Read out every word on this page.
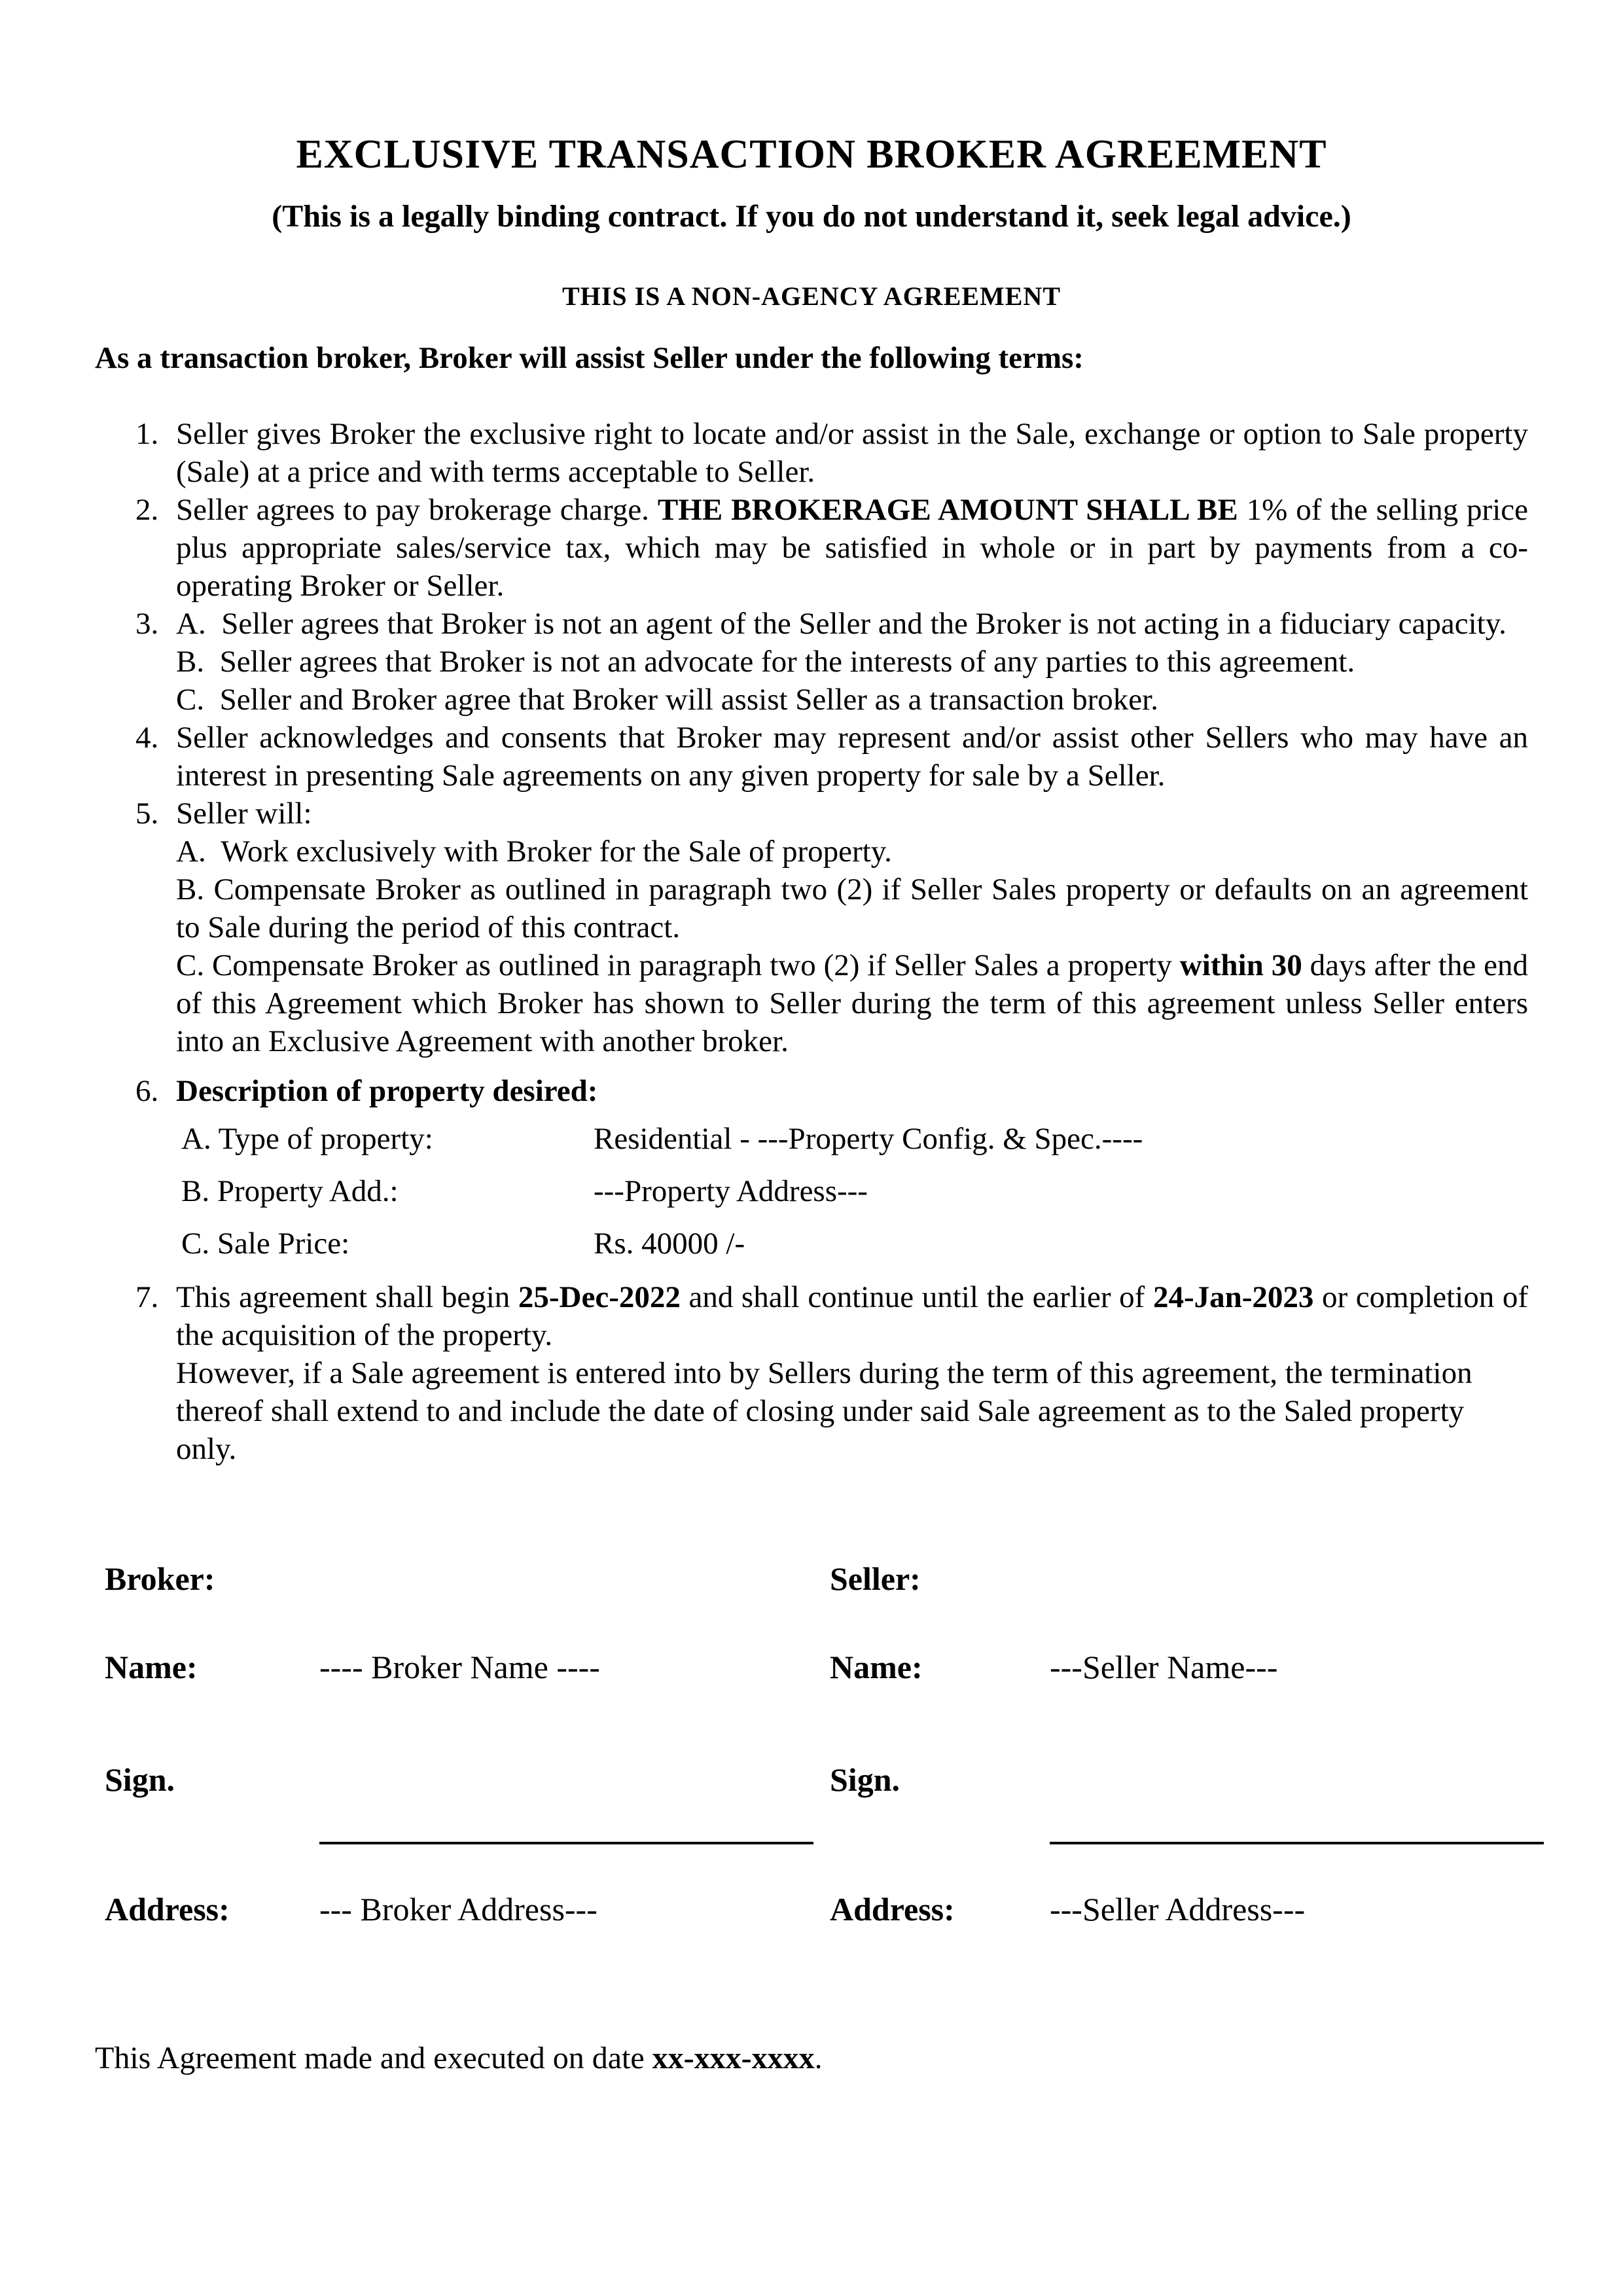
EXCLUSIVE TRANSACTION BROKER AGREEMENT

(This is a legally binding contract. If you do not understand it, seek legal advice.)

THIS IS A NON-AGENCY AGREEMENT

As a transaction broker, Broker will assist Seller under the following terms:

Seller gives Broker the exclusive right to locate and/or assist in the Sale, exchange or option to Sale property (Sale) at a price and with terms acceptable to Seller.

Seller agrees to pay brokerage charge. THE BROKERAGE AMOUNT SHALL BE 1% of the selling price plus appropriate sales/service tax, which may be satisfied in whole or in part by payments from a co-operating Broker or Seller.

A.  Seller agrees that Broker is not an agent of the Seller and the Broker is not acting in a fiduciary capacity.

B.  Seller agrees that Broker is not an advocate for the interests of any parties to this agreement.

C.  Seller and Broker agree that Broker will assist Seller as a transaction broker.

Seller acknowledges and consents that Broker may represent and/or assist other Sellers who may have an interest in presenting Sale agreements on any given property for sale by a Seller.

Seller will:

A.  Work exclusively with Broker for the Sale of property.

B. Compensate Broker as outlined in paragraph two (2) if Seller Sales property or defaults on an agreement to Sale during the period of this contract.

C. Compensate Broker as outlined in paragraph two (2) if Seller Sales a property within 30 days after the end of this Agreement which Broker has shown to Seller during the term of this agreement unless Seller enters into an Exclusive Agreement with another broker.

Description of property desired:

A. Type of property:	Residential - ---Property Config. & Spec.----
B. Property Add.:	---Property Address---
C. Sale Price:	Rs. 40000 /-

This agreement shall begin 25-Dec-2022 and shall continue until the earlier of 24-Jan-2023 or completion of the acquisition of the property.

However, if a Sale agreement is entered into by Sellers during the term of this agreement, the termination thereof shall extend to and include the date of closing under said Sale agreement as to the Saled property only.

Broker:
Name:	---- Broker Name ----
Sign.
Address:	--- Broker Address---
Seller:
Name:	---Seller Name---
Sign.
Address:	---Seller Address---

This Agreement made and executed on date xx-xxx-xxxx.
